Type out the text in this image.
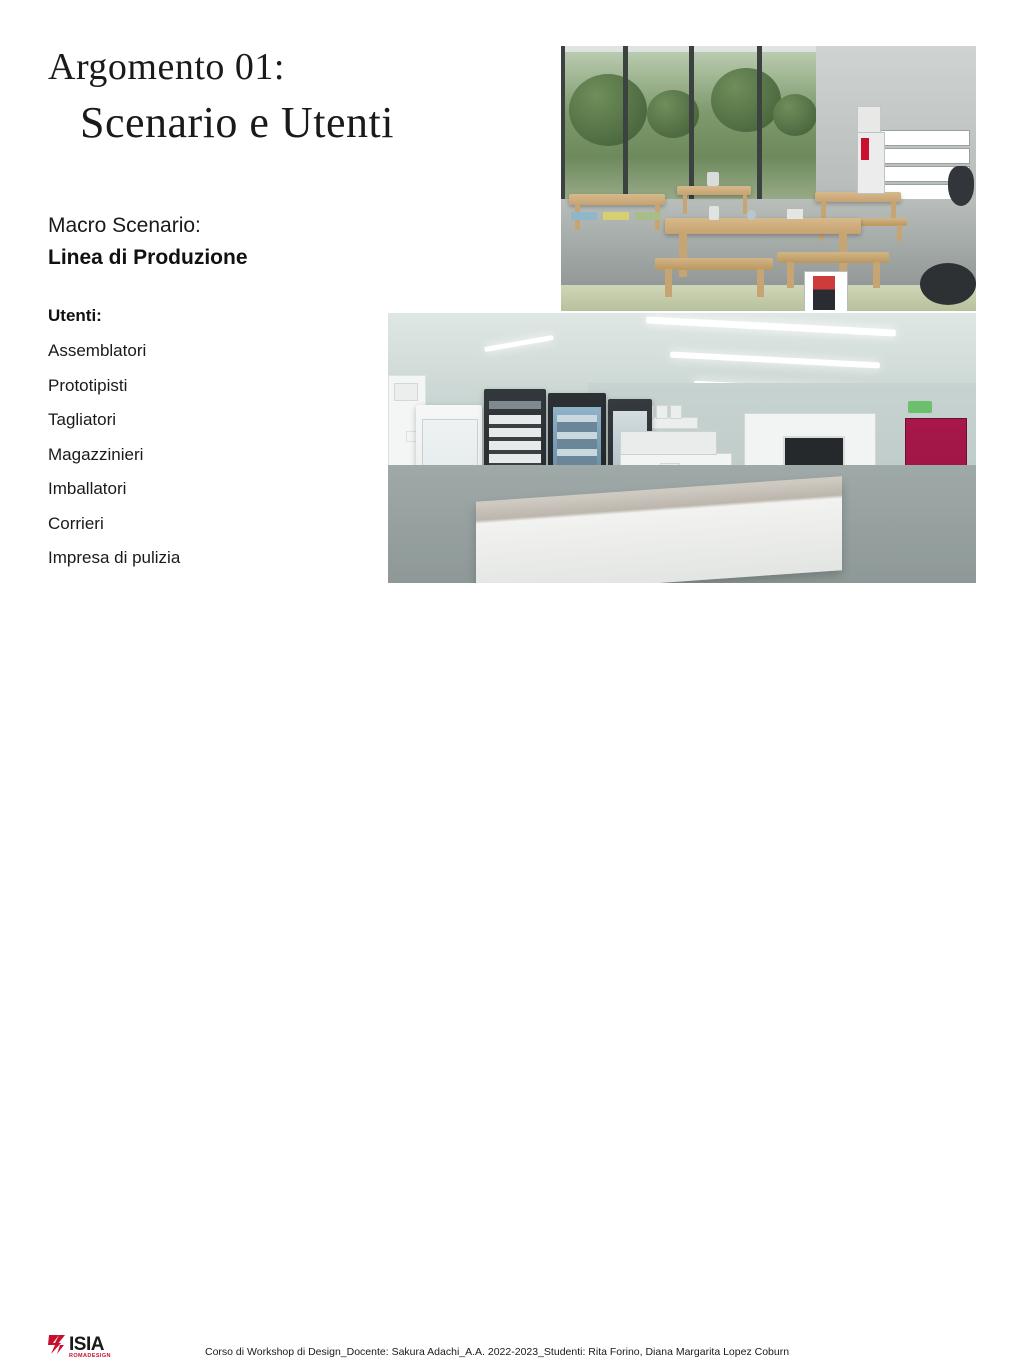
Argomento 01:
Scenario e Utenti
Macro Scenario:
Linea di Produzione
Utenti:
Assemblatori
Prototipisti
Tagliatori
Magazzinieri
Imballatori
Corrieri
Impresa di pulizia
ISIA
ROMADESIGN	Corso di Workshop di Design_Docente: Sakura Adachi_A.A. 2022-2023_Studenti: Rita Forino, Diana Margarita Lopez Coburn
